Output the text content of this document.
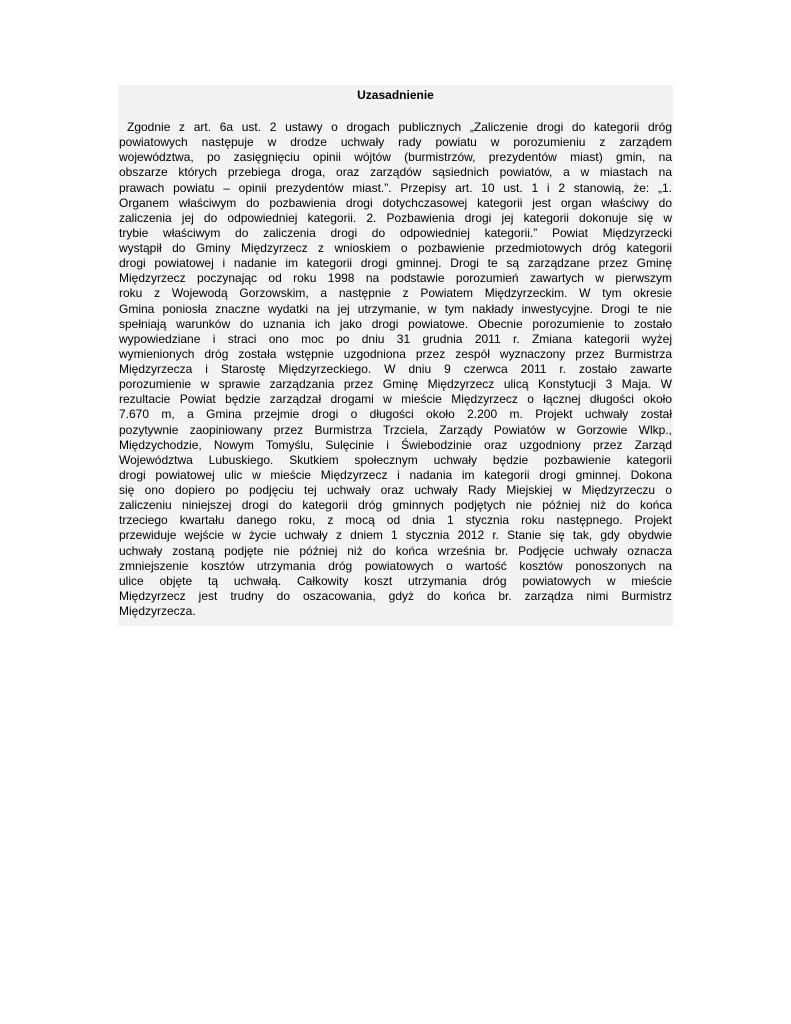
Uzasadnienie
Zgodnie z art. 6a ust. 2 ustawy o drogach publicznych „Zaliczenie drogi do kategorii dróg
powiatowych następuje w drodze uchwały rady powiatu w porozumieniu z zarządem
województwa, po zasięgnięciu opinii wójtów (burmistrzów, prezydentów miast) gmin, na
obszarze których przebiega droga, oraz zarządów sąsiednich powiatów, a w miastach na
prawach powiatu – opinii prezydentów miast.”. Przepisy art. 10 ust. 1 i 2 stanowią, że: „1.
Organem właściwym do pozbawienia drogi dotychczasowej kategorii jest organ właściwy do
zaliczenia jej do odpowiedniej kategorii. 2. Pozbawienia drogi jej kategorii dokonuje się w
trybie właściwym do zaliczenia drogi do odpowiedniej kategorii.” Powiat Międzyrzecki
wystąpił do Gminy Międzyrzecz z wnioskiem o pozbawienie przedmiotowych dróg kategorii
drogi powiatowej i nadanie im kategorii drogi gminnej. Drogi te są zarządzane przez Gminę
Międzyrzecz poczynając od roku 1998 na podstawie porozumień zawartych w pierwszym
roku z Wojewodą Gorzowskim, a następnie z Powiatem Międzyrzeckim. W tym okresie
Gmina poniosła znaczne wydatki na jej utrzymanie, w tym nakłady inwestycyjne. Drogi te nie
spełniają warunków do uznania ich jako drogi powiatowe. Obecnie porozumienie to zostało
wypowiedziane i straci ono moc po dniu 31 grudnia 2011 r. Zmiana kategorii wyżej
wymienionych dróg została wstępnie uzgodniona przez zespół wyznaczony przez Burmistrza
Międzyrzecza i Starostę Międzyrzeckiego. W dniu 9 czerwca 2011 r. zostało zawarte
porozumienie w sprawie zarządzania przez Gminę Międzyrzecz ulicą Konstytucji 3 Maja. W
rezultacie Powiat będzie zarządzał drogami w mieście Międzyrzecz o łącznej długości około
7.670 m, a Gmina przejmie drogi o długości około 2.200 m. Projekt uchwały został
pozytywnie zaopiniowany przez Burmistrza Trzciela, Zarządy Powiatów w Gorzowie Wlkp.,
Międzychodzie, Nowym Tomyślu, Sulęcinie i Świebodzinie oraz uzgodniony przez Zarząd
Województwa Lubuskiego. Skutkiem społecznym uchwały będzie pozbawienie kategorii
drogi powiatowej ulic w mieście Międzyrzecz i nadania im kategorii drogi gminnej. Dokona
się ono dopiero po podjęciu tej uchwały oraz uchwały Rady Miejskiej w Międzyrzeczu o
zaliczeniu niniejszej drogi do kategorii dróg gminnych podjętych nie później niż do końca
trzeciego kwartału danego roku, z mocą od dnia 1 stycznia roku następnego. Projekt
przewiduje wejście w życie uchwały z dniem 1 stycznia 2012 r. Stanie się tak, gdy obydwie
uchwały zostaną podjęte nie później niż do końca września br. Podjęcie uchwały oznacza
zmniejszenie kosztów utrzymania dróg powiatowych o wartość kosztów ponoszonych na
ulice objęte tą uchwałą. Całkowity koszt utrzymania dróg powiatowych w mieście
Międzyrzecz jest trudny do oszacowania, gdyż do końca br. zarządza nimi Burmistrz
Międzyrzecza.
